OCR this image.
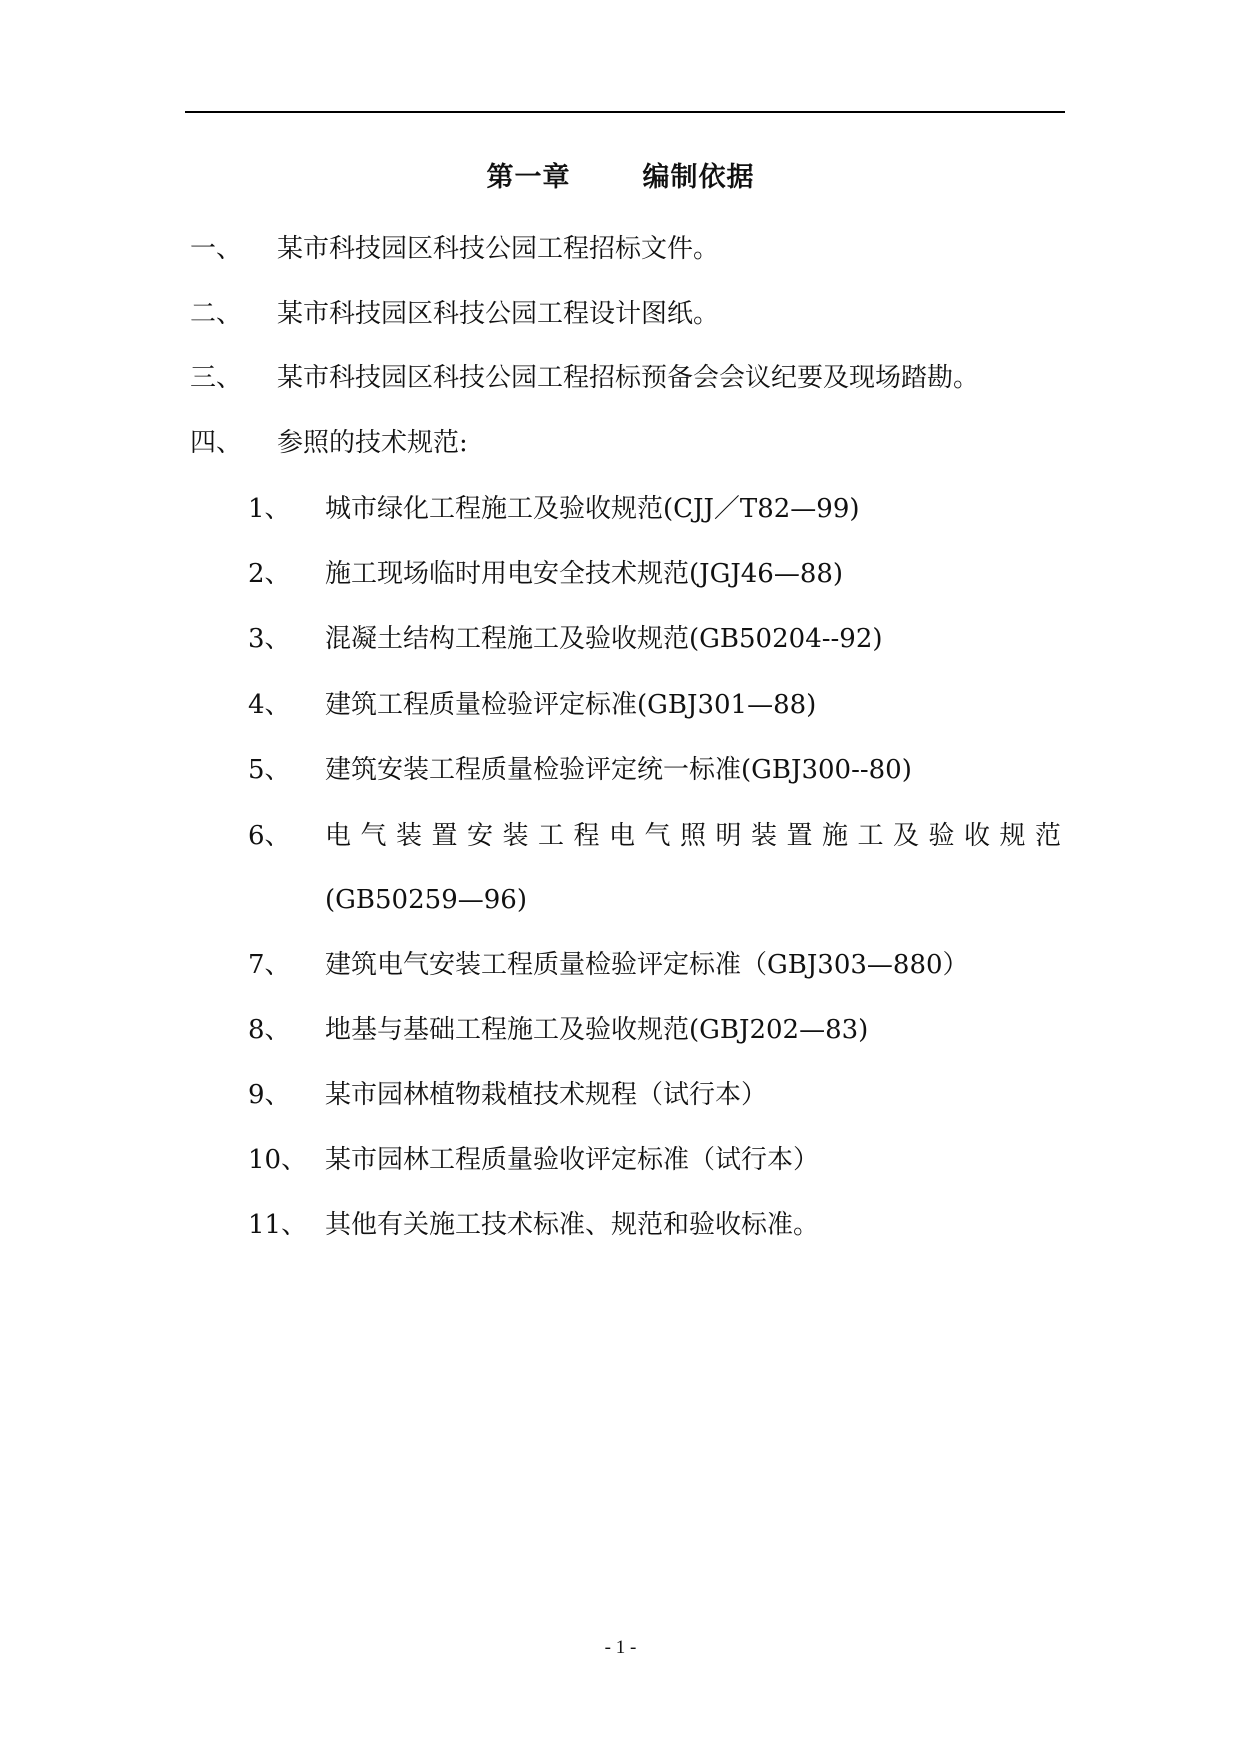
第一章	编制依据
一、 某市科技园区科技公园工程招标文件。
二、 某市科技园区科技公园工程设计图纸。
三、 某市科技园区科技公园工程招标预备会会议纪要及现场踏勘。
四、 参照的技术规范:
1、 城市绿化工程施工及验收规范(CJJ／T82—99)
2、 施工现场临时用电安全技术规范(JGJ46—88)
3、 混凝土结构工程施工及验收规范(GB50204--92)
4、 建筑工程质量检验评定标准(GBJ301—88)
5、 建筑安装工程质量检验评定统一标准(GBJ300--80)
6、 电气装置安装工程电气照明装置施工及验收规范
(GB50259—96)
7、 建筑电气安装工程质量检验评定标准（GBJ303—880）
8、 地基与基础工程施工及验收规范(GBJ202—83)
9、 某市园林植物栽植技术规程（试行本）
10、 某市园林工程质量验收评定标准（试行本）
11、 其他有关施工技术标准、规范和验收标准。
- 1 -
